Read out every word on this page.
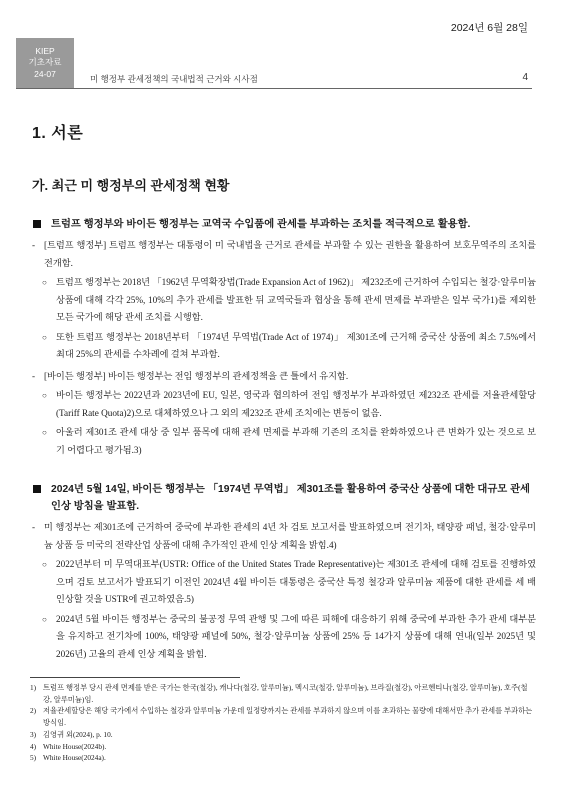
2024년 6월 28일
KIEP
기초자료
24-07
미 행정부 관세정책의 국내법적 근거와 시사점	4
1. 서론
가. 최근 미 행정부의 관세정책 현황
트럼프 행정부와 바이든 행정부는 교역국 수입품에 관세를 부과하는 조치를 적극적으로 활용함.
- [트럼프 행정부] 트럼프 행정부는 대통령이 미 국내법을 근거로 관세를 부과할 수 있는 권한을 활용하여 보호무역주의 조치를 전개함.
○ 트럼프 행정부는 2018년 「1962년 무역확장법(Trade Expansion Act of 1962)」 제232조에 근거하여 수입되는 철강·알루미늄 상품에 대해 각각 25%, 10%의 추가 관세를 발표한 뒤 교역국들과 협상을 통해 관세 면제를 부과받은 일부 국가1)를 제외한 모든 국가에 해당 관세 조치를 시행함.
○ 또한 트럼프 행정부는 2018년부터 「1974년 무역법(Trade Act of 1974)」 제301조에 근거해 중국산 상품에 최소 7.5%에서 최대 25%의 관세를 수차례에 걸쳐 부과함.
- [바이든 행정부] 바이든 행정부는 전임 행정부의 관세정책을 큰 틀에서 유지함.
○ 바이든 행정부는 2022년과 2023년에 EU, 일본, 영국과 협의하여 전임 행정부가 부과하였던 제232조 관세를 저율관세할당(Tariff Rate Quota)2)으로 대체하였으나 그 외의 제232조 관세 조치에는 변동이 없음.
○ 아울러 제301조 관세 대상 중 일부 품목에 대해 관세 면제를 부과해 기존의 조치를 완화하였으나 큰 변화가 있는 것으로 보기 어렵다고 평가됨.3)
2024년 5월 14일, 바이든 행정부는 「1974년 무역법」 제301조를 활용하여 중국산 상품에 대한 대규모 관세 인상 방침을 발표함.
- 미 행정부는 제301조에 근거하여 중국에 부과한 관세의 4년 차 검토 보고서를 발표하였으며 전기차, 태양광 패널, 철강·알루미늄 상품 등 미국의 전략산업 상품에 대해 추가적인 관세 인상 계획을 밝힘.4)
○ 2022년부터 미 무역대표부(USTR: Office of the United States Trade Representative)는 제301조 관세에 대해 검토를 진행하였으며 검토 보고서가 발표되기 이전인 2024년 4월 바이든 대통령은 중국산 특정 철강과 알루미늄 제품에 대한 관세를 세 배 인상할 것을 USTR에 권고하였음.5)
○ 2024년 5월 바이든 행정부는 중국의 불공정 무역 관행 및 그에 따른 피해에 대응하기 위해 중국에 부과한 추가 관세 대부분을 유지하고 전기차에 100%, 태양광 패널에 50%, 철강·알루미늄 상품에 25% 등 14가지 상품에 대해 연내(일부 2025년 및 2026년) 고율의 관세 인상 계획을 밝힘.
1) 트럼프 행정부 당시 관세 면제를 받은 국가는 한국(철강), 캐나다(철강, 알루미늄), 멕시코(철강, 알루미늄), 브라질(철강), 아르헨티나(철강, 알루미늄), 호주(철강, 알루미늄)임.
2) 저율관세할당은 해당 국가에서 수입하는 철강과 알루미늄 가운데 일정량까지는 관세를 부과하지 않으며 이를 초과하는 물량에 대해서만 추가 관세를 부과하는 방식임.
3) 김영귀 외(2024), p. 10.
4) White House(2024b).
5) White House(2024a).
